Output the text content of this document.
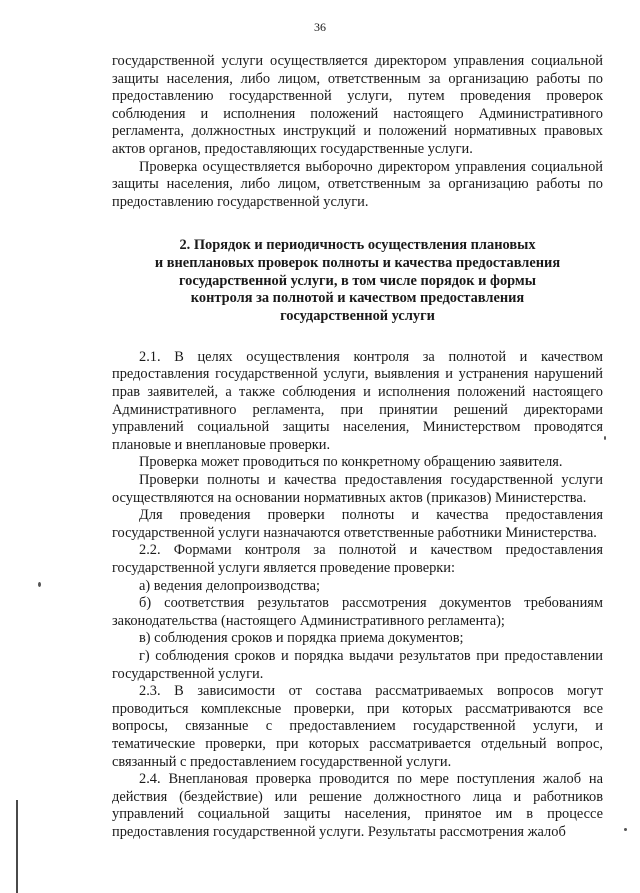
36

государственной услуги осуществляется директором управления социальной защиты населения, либо лицом, ответственным за организацию работы по предоставлению государственной услуги, путем проведения проверок соблюдения и исполнения положений настоящего Административного регламента, должностных инструкций и положений нормативных правовых актов органов, предоставляющих государственные услуги.

Проверка осуществляется выборочно директором управления социальной защиты населения, либо лицом, ответственным за организацию работы по предоставлению государственной услуги.

2. Порядок и периодичность осуществления плановых
и внеплановых проверок полноты и качества предоставления
государственной услуги, в том числе порядок и формы
контроля за полнотой и качеством предоставления
государственной услуги

2.1. В целях осуществления контроля за полнотой и качеством предоставления государственной услуги, выявления и устранения нарушений прав заявителей, а также соблюдения и исполнения положений настоящего Административного регламента, при принятии решений директорами управлений социальной защиты населения, Министерством проводятся плановые и внеплановые проверки.

Проверка может проводиться по конкретному обращению заявителя.

Проверки полноты и качества предоставления государственной услуги осуществляются на основании нормативных актов (приказов) Министерства.

Для проведения проверки полноты и качества предоставления государственной услуги назначаются ответственные работники Министерства.

2.2. Формами контроля за полнотой и качеством предоставления государственной услуги является проведение проверки:

а) ведения делопроизводства;

б) соответствия результатов рассмотрения документов требованиям законодательства (настоящего Административного регламента);

в) соблюдения сроков и порядка приема документов;

г) соблюдения сроков и порядка выдачи результатов при предоставлении государственной услуги.

2.3. В зависимости от состава рассматриваемых вопросов могут проводиться комплексные проверки, при которых рассматриваются все вопросы, связанные с предоставлением государственной услуги, и тематические проверки, при которых рассматривается отдельный вопрос, связанный с предоставлением государственной услуги.

2.4. Внеплановая проверка проводится по мере поступления жалоб на действия (бездействие) или решение должностного лица и работников управлений социальной защиты населения, принятое им в процессе предоставления государственной услуги. Результаты рассмотрения жалоб
